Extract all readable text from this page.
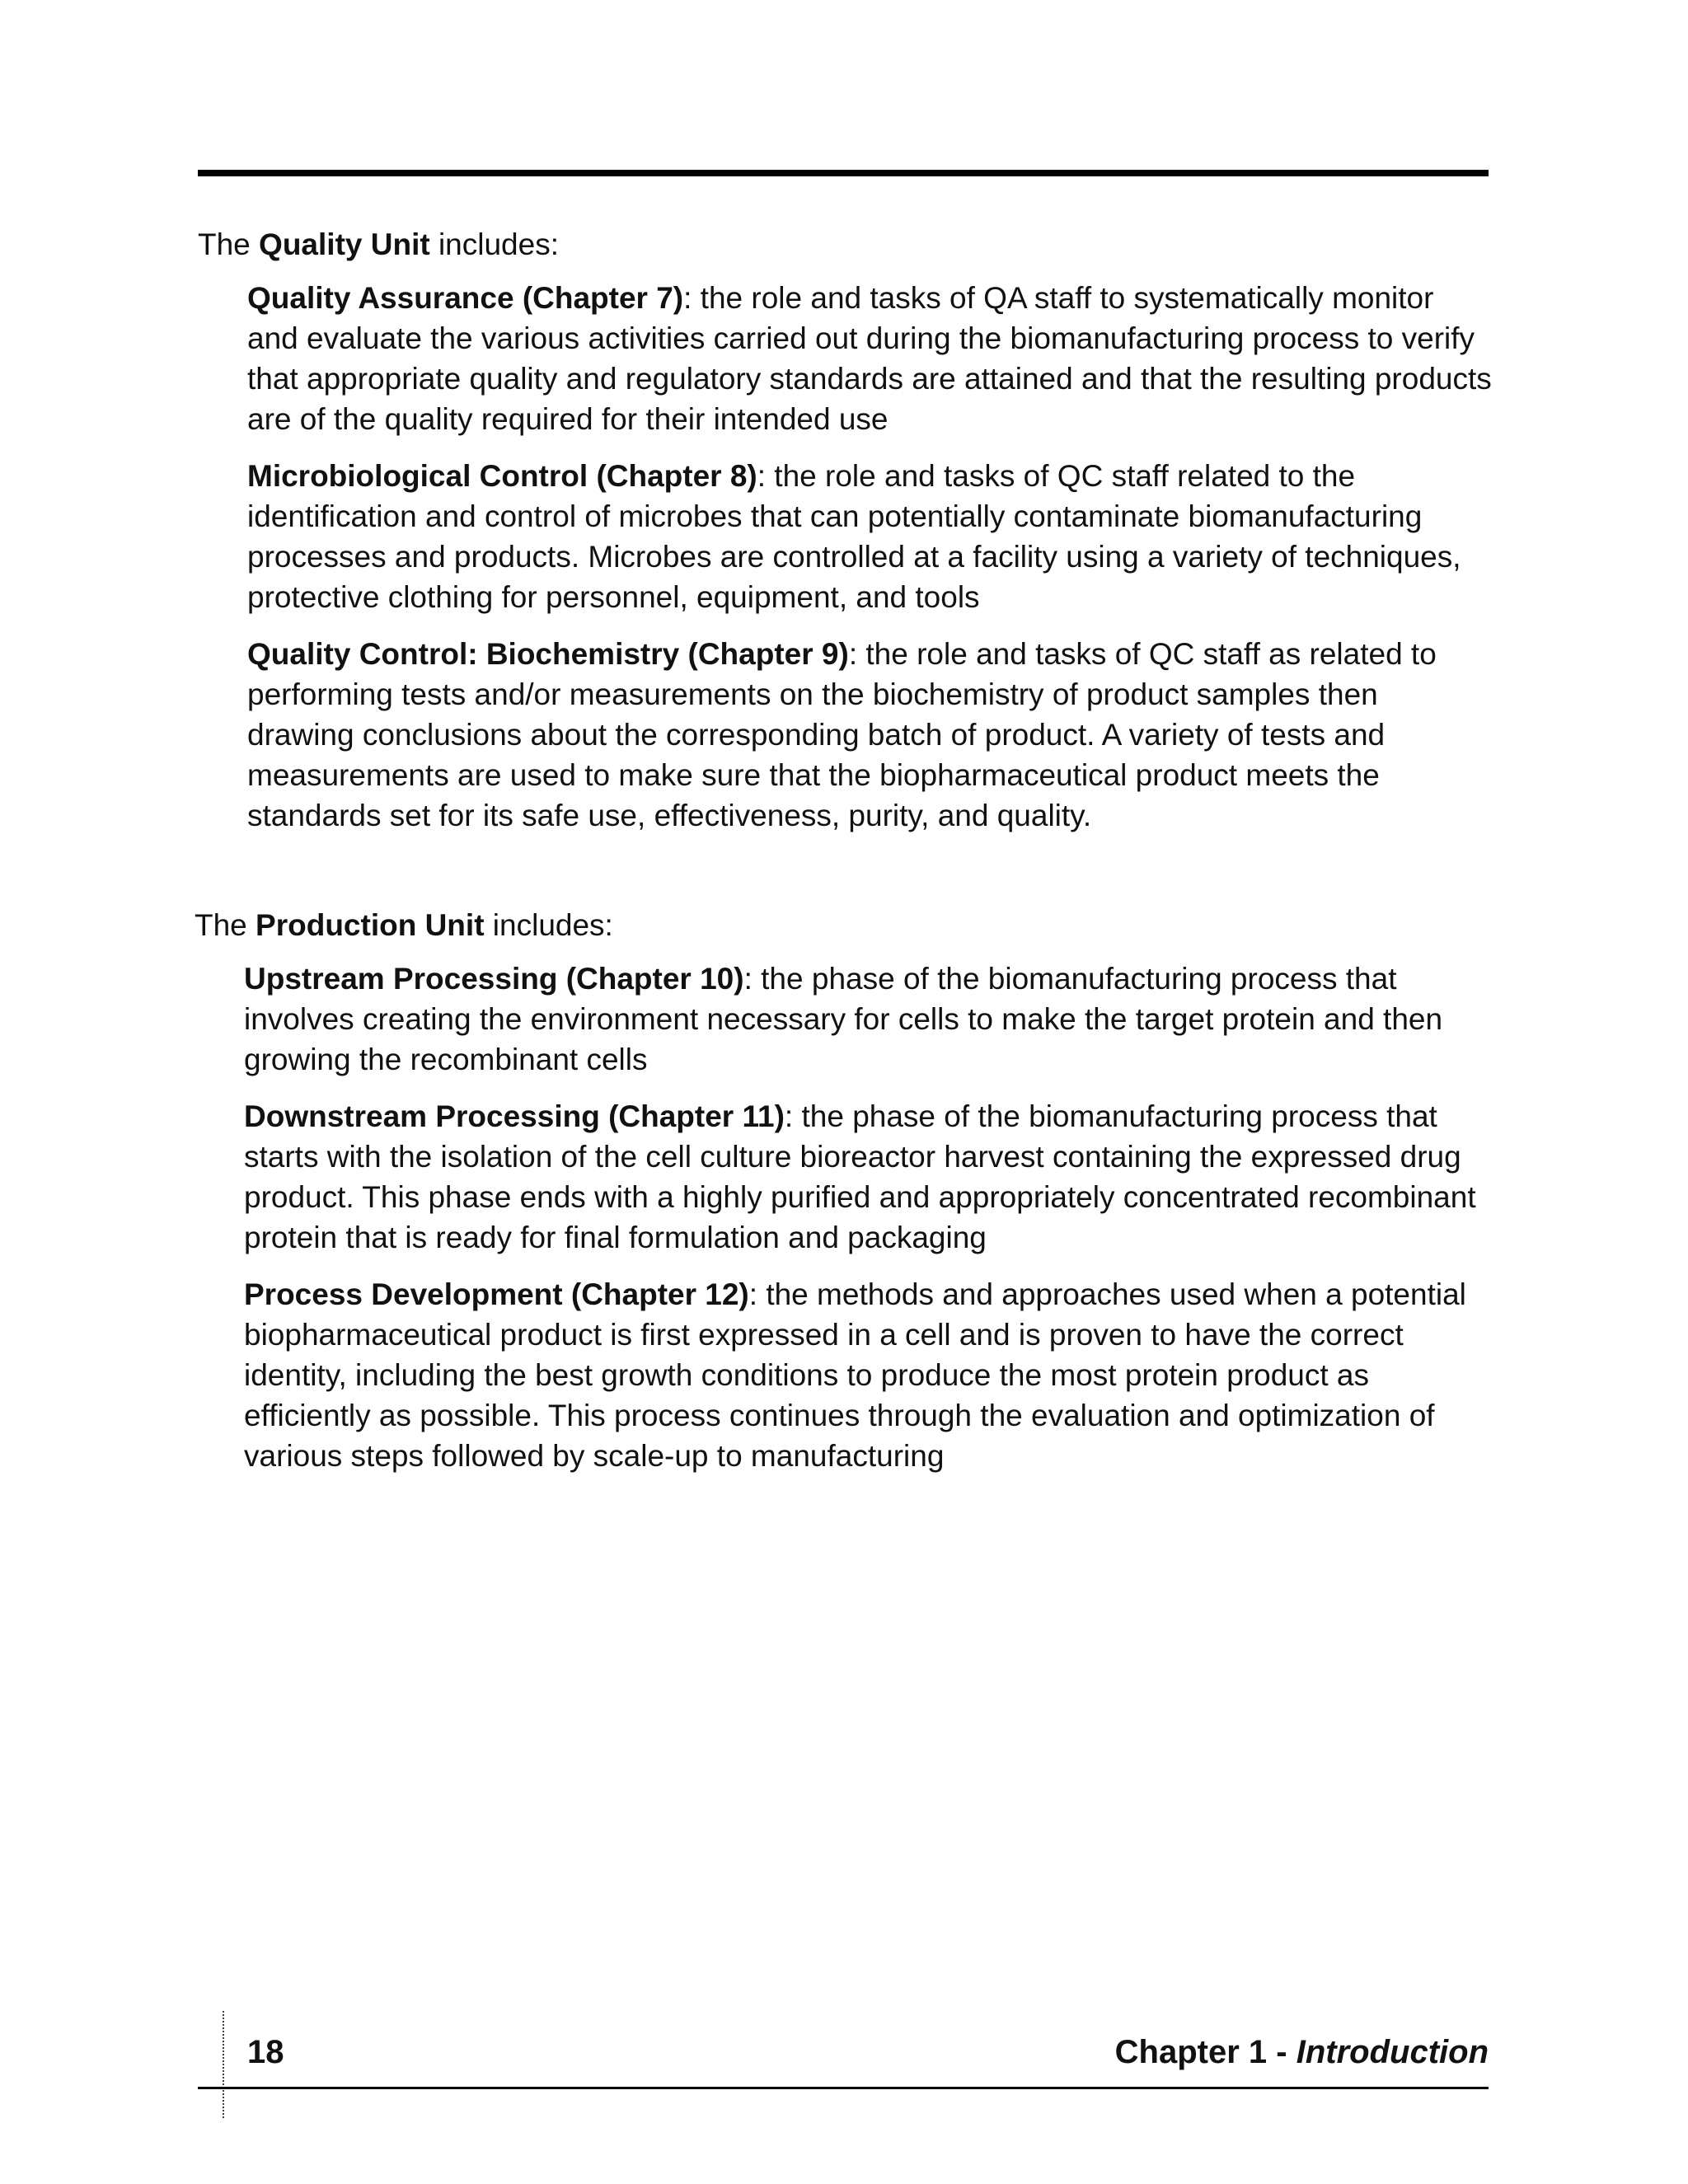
The Quality Unit includes:

Quality Assurance (Chapter 7): the role and tasks of QA staff to systematically monitor and evaluate the various activities carried out during the biomanufacturing process to verify that appropriate quality and regulatory standards are attained and that the resulting products are of the quality required for their intended use

Microbiological Control (Chapter 8): the role and tasks of QC staff related to the identification and control of microbes that can potentially contaminate biomanufacturing processes and products. Microbes are controlled at a facility using a variety of techniques, protective clothing for personnel, equipment, and tools

Quality Control: Biochemistry (Chapter 9): the role and tasks of QC staff as related to performing tests and/or measurements on the biochemistry of product samples then drawing conclusions about the corresponding batch of product. A variety of tests and measurements are used to make sure that the biopharmaceutical product meets the standards set for its safe use, effectiveness, purity, and quality.

The Production Unit includes:

Upstream Processing (Chapter 10): the phase of the biomanufacturing process that involves creating the environment necessary for cells to make the target protein and then growing the recombinant cells

Downstream Processing (Chapter 11): the phase of the biomanufacturing process that starts with the isolation of the cell culture bioreactor harvest containing the expressed drug product. This phase ends with a highly purified and appropriately concentrated recombinant protein that is ready for final formulation and packaging

Process Development (Chapter 12): the methods and approaches used when a potential biopharmaceutical product is first expressed in a cell and is proven to have the correct identity, including the best growth conditions to produce the most protein product as efficiently as possible. This process continues through the evaluation and optimization of various steps followed by scale-up to manufacturing

18	Chapter 1 - Introduction
